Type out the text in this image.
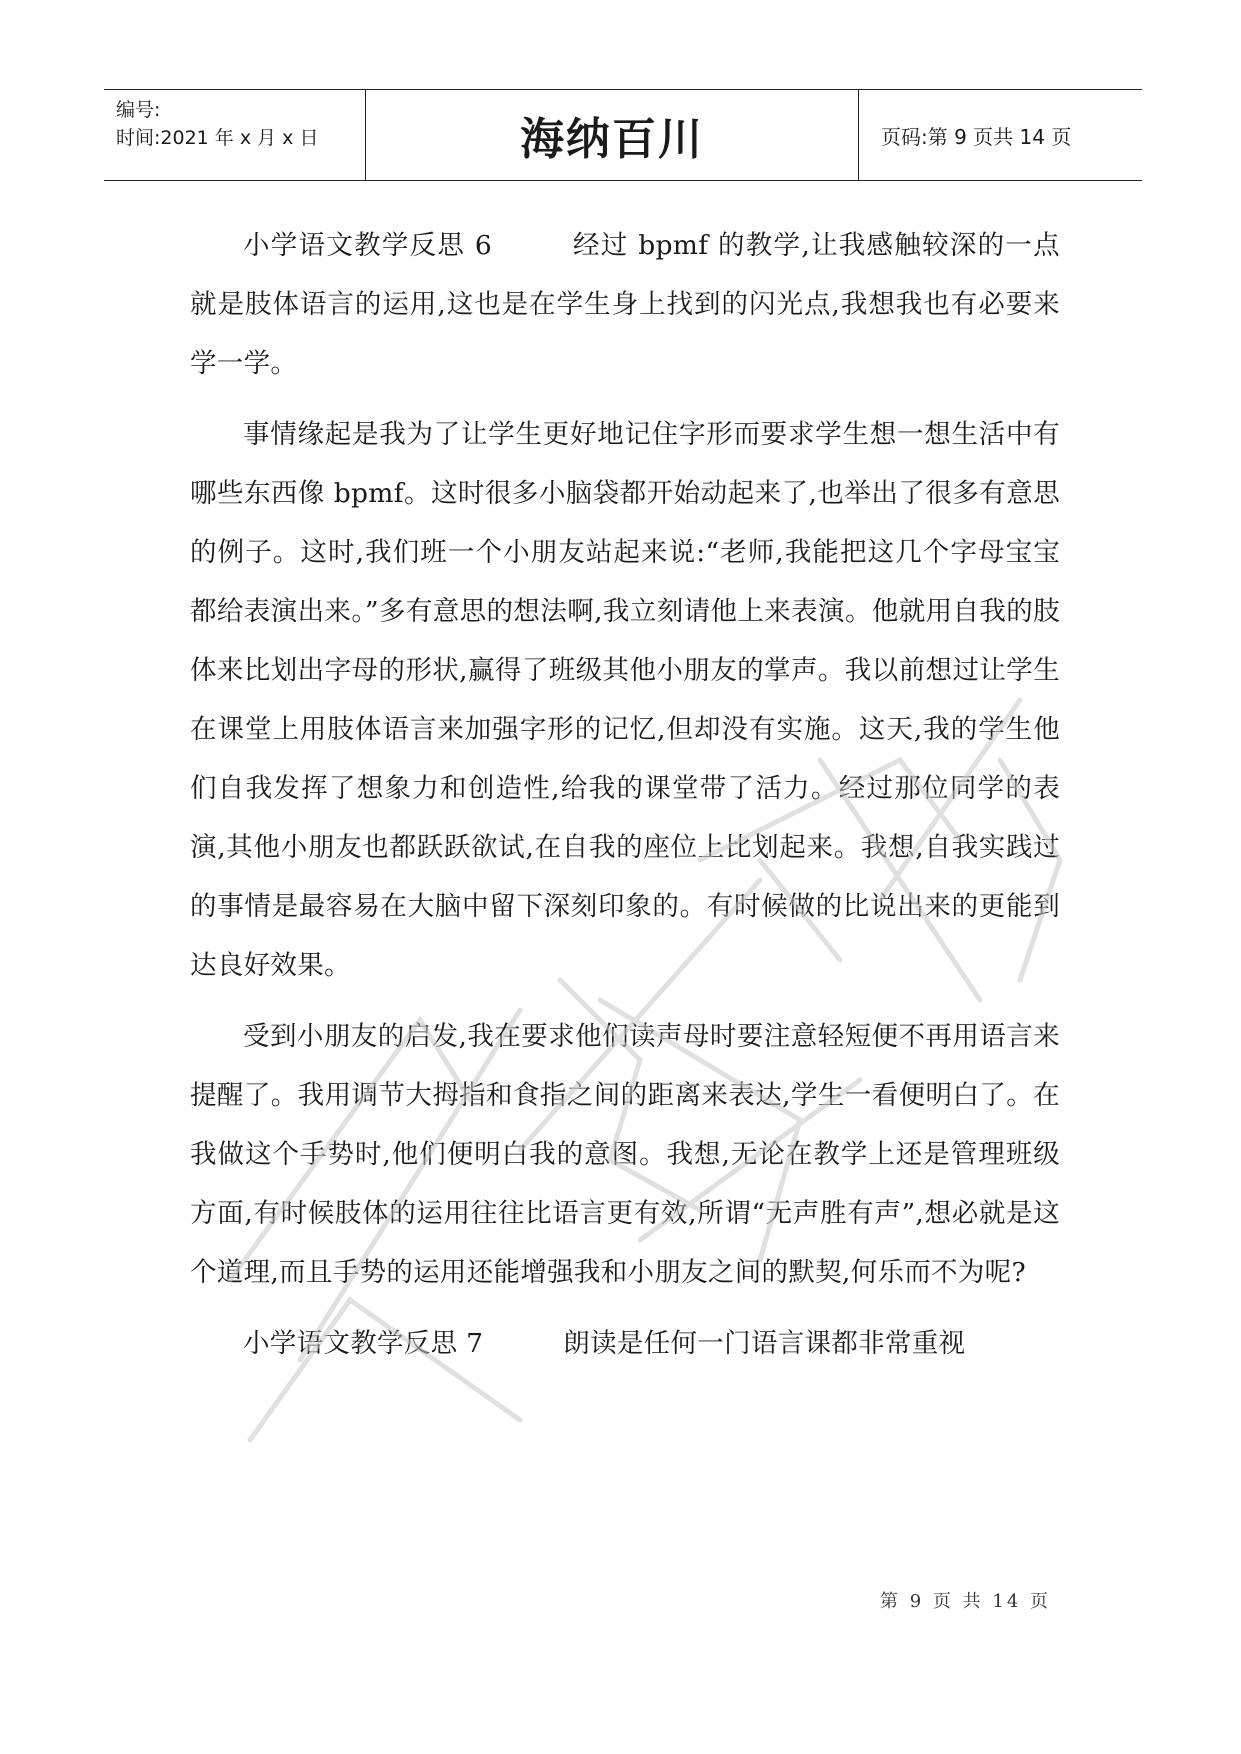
编号:
时间:2021 年 x 月 x 日	海纳百川	页码:第 9 页共 14 页

小学语文教学反思 6	经过 bpmf 的教学,让我感触较深的一点就是肢体语言的运用,这也是在学生身上找到的闪光点,我想我也有必要来学一学。

事情缘起是我为了让学生更好地记住字形而要求学生想一想生活中有哪些东西像 bpmf。这时很多小脑袋都开始动起来了,也举出了很多有意思的例子。这时,我们班一个小朋友站起来说:“老师,我能把这几个字母宝宝都给表演出来。”多有意思的想法啊,我立刻请他上来表演。他就用自我的肢体来比划出字母的形状,赢得了班级其他小朋友的掌声。我以前想过让学生在课堂上用肢体语言来加强字形的记忆,但却没有实施。这天,我的学生他们自我发挥了想象力和创造性,给我的课堂带了活力。经过那位同学的表演,其他小朋友也都跃跃欲试,在自我的座位上比划起来。我想,自我实践过的事情是最容易在大脑中留下深刻印象的。有时候做的比说出来的更能到达良好效果。

受到小朋友的启发,我在要求他们读声母时要注意轻短便不再用语言来提醒了。我用调节大拇指和食指之间的距离来表达,学生一看便明白了。在我做这个手势时,他们便明白我的意图。我想,无论在教学上还是管理班级方面,有时候肢体的运用往往比语言更有效,所谓“无声胜有声”,想必就是这个道理,而且手势的运用还能增强我和小朋友之间的默契,何乐而不为呢?

小学语文教学反思 7	朗读是任何一门语言课都非常重视

第 9 页 共 14 页
